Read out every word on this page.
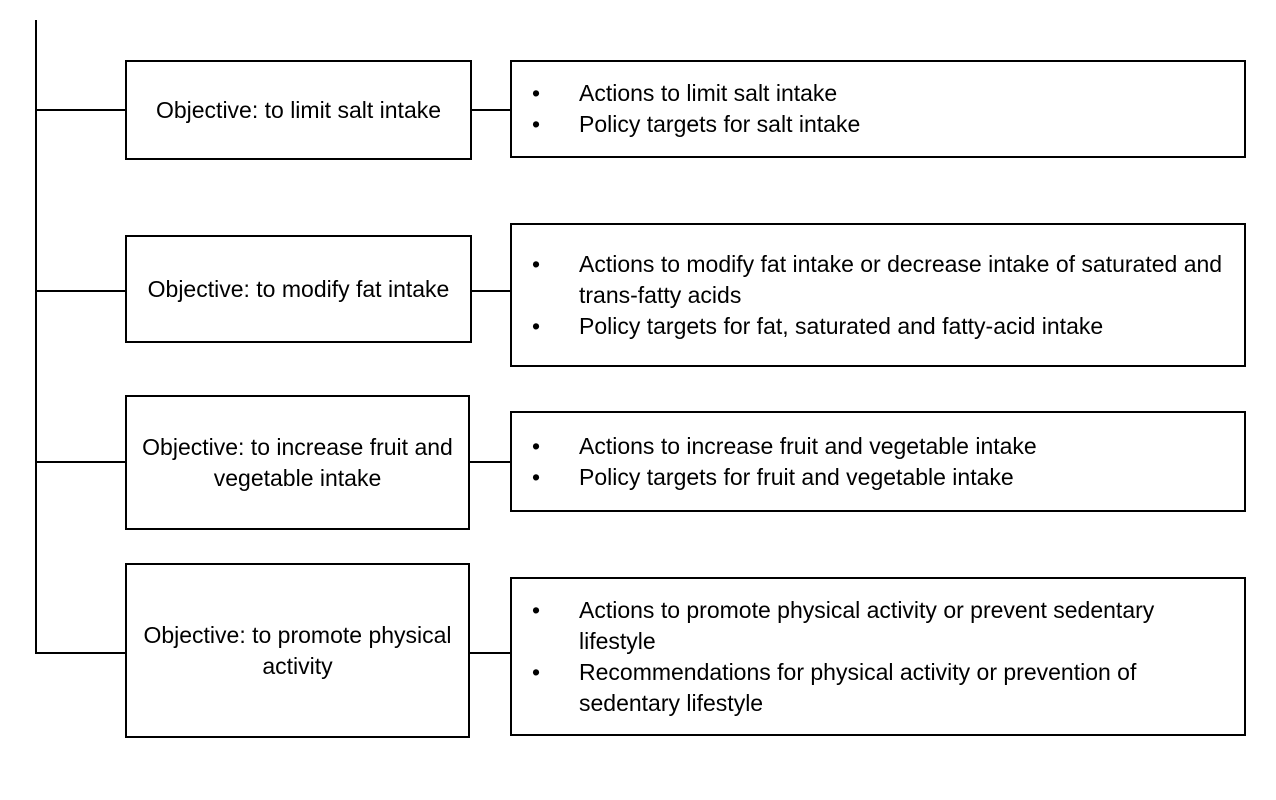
Objective: to limit salt intake
• Actions to limit salt intake
• Policy targets for salt intake
Objective: to modify fat intake
• Actions to modify fat intake or decrease intake of saturated and trans-fatty acids
• Policy targets for fat, saturated and fatty-acid intake
Objective: to increase fruit and vegetable intake
• Actions to increase fruit and vegetable intake
• Policy targets for fruit and vegetable intake
Objective: to promote physical activity
• Actions to promote physical activity or prevent sedentary lifestyle
• Recommendations for physical activity or prevention of sedentary lifestyle
